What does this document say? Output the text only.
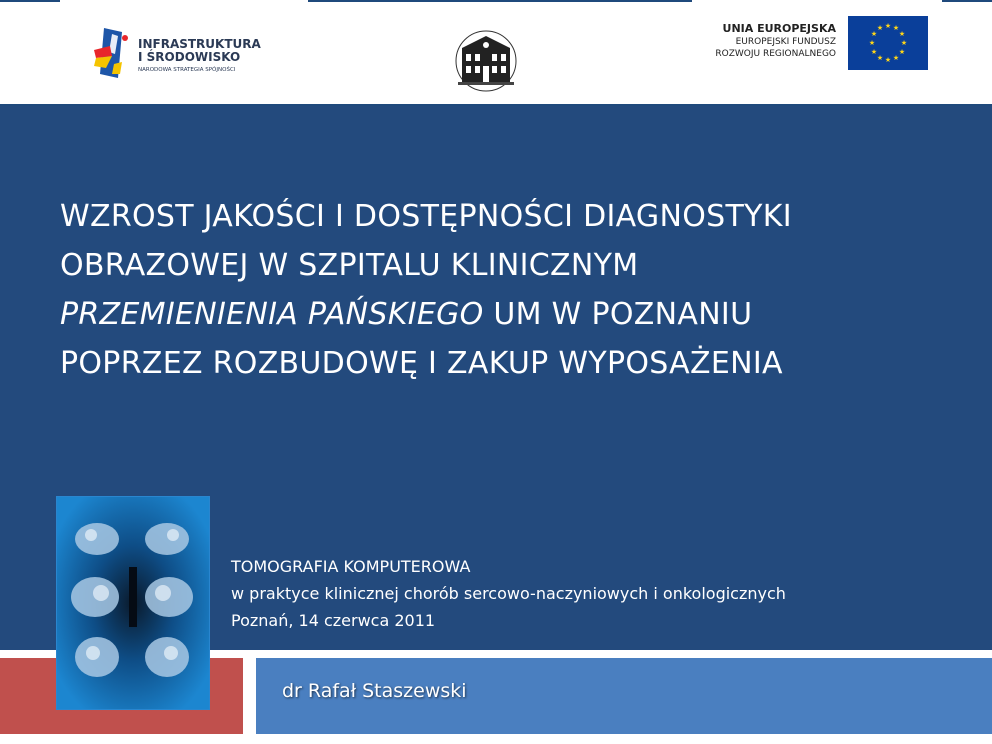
INFRASTRUKTURA
I ŚRODOWISKO
NARODOWA STRATEGIA SPÓJNOŚCI
UNIA EUROPEJSKA
EUROPEJSKI FUNDUSZ
ROZWOJU REGIONALNEGO
★ ★
★
★
★
★
★
★
★
★
★
★
WZROST JAKOŚCI I DOSTĘPNOŚCI DIAGNOSTYKI
OBRAZOWEJ W SZPITALU KLINICZNYM
PRZEMIENIENIA PAŃSKIEGO UM W POZNANIU
POPRZEZ ROZBUDOWĘ I ZAKUP WYPOSAŻENIA
TOMOGRAFIA KOMPUTEROWA
w praktyce klinicznej chorób sercowo-naczyniowych i onkologicznych
Poznań, 14 czerwca 2011
dr Rafał Staszewski
